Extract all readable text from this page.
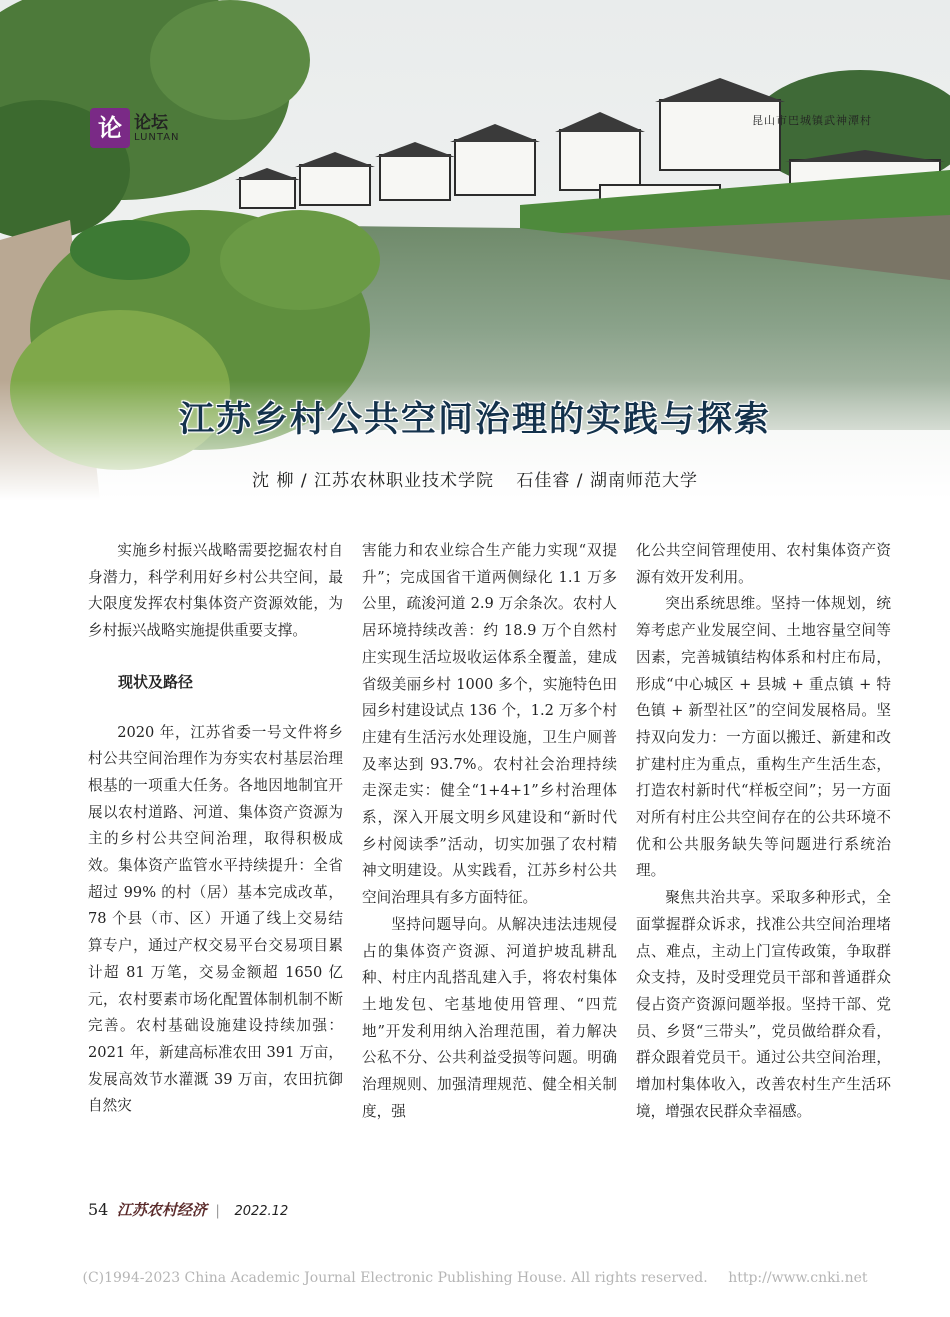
论 论坛
LUNTAN
昆山市巴城镇武神潭村
江苏乡村公共空间治理的实践与探索
沈 柳 / 江苏农林职业技术学院 石佳睿 / 湖南师范大学

实施乡村振兴战略需要挖掘农村自身潜力，科学利用好乡村公共空间，最大限度发挥农村集体资产资源效能，为乡村振兴战略实施提供重要支撑。

现状及路径

2020 年，江苏省委一号文件将乡村公共空间治理作为夯实农村基层治理根基的一项重大任务。各地因地制宜开展以农村道路、河道、集体资产资源为主的乡村公共空间治理，取得积极成效。集体资产监管水平持续提升：全省超过 99% 的村（居）基本完成改革，78 个县（市、区）开通了线上交易结算专户，通过产权交易平台交易项目累计超 81 万笔，交易金额超 1650 亿元，农村要素市场化配置体制机制不断完善。农村基础设施建设持续加强：2021 年，新建高标准农田 391 万亩，发展高效节水灌溉 39 万亩，农田抗御自然灾

害能力和农业综合生产能力实现“双提升”；完成国省干道两侧绿化 1.1 万多公里，疏浚河道 2.9 万余条次。农村人居环境持续改善：约 18.9 万个自然村庄实现生活垃圾收运体系全覆盖，建成省级美丽乡村 1000 多个，实施特色田园乡村建设试点 136 个，1.2 万多个村庄建有生活污水处理设施，卫生户厕普及率达到 93.7%。农村社会治理持续走深走实：健全“1+4+1”乡村治理体系，深入开展文明乡风建设和“新时代乡村阅读季”活动，切实加强了农村精神文明建设。从实践看，江苏乡村公共空间治理具有多方面特征。

坚持问题导向。从解决违法违规侵占的集体资产资源、河道护坡乱耕乱种、村庄内乱搭乱建入手，将农村集体土地发包、宅基地使用管理、“四荒地”开发利用纳入治理范围，着力解决公私不分、公共利益受损等问题。明确治理规则、加强清理规范、健全相关制度，强

化公共空间管理使用、农村集体资产资源有效开发利用。

突出系统思维。坚持一体规划，统筹考虑产业发展空间、土地容量空间等因素，完善城镇结构体系和村庄布局，形成“中心城区 + 县城 + 重点镇 + 特色镇 + 新型社区”的空间发展格局。坚持双向发力：一方面以搬迁、新建和改扩建村庄为重点，重构生产生活生态，打造农村新时代“样板空间”；另一方面对所有村庄公共空间存在的公共环境不优和公共服务缺失等问题进行系统治理。

聚焦共治共享。采取多种形式，全面掌握群众诉求，找准公共空间治理堵点、难点，主动上门宣传政策，争取群众支持，及时受理党员干部和普通群众侵占资产资源问题举报。坚持干部、党员、乡贤“三带头”，党员做给群众看，群众跟着党员干。通过公共空间治理，增加村集体收入，改善农村生产生活环境，增强农民群众幸福感。

54 江苏农村经济 | 2022.12
(C)1994-2023 China Academic Journal Electronic Publishing House. All rights reserved. http://www.cnki.net
